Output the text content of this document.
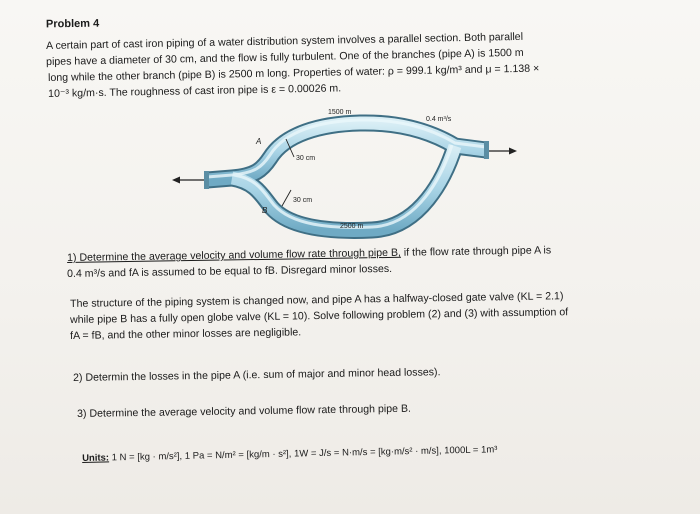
Problem 4
A certain part of cast iron piping of a water distribution system involves a parallel section. Both parallel
pipes have a diameter of 30 cm, and the flow is fully turbulent. One of the branches (pipe A) is 1500 m
long while the other branch (pipe B) is 2500 m long. Properties of water: ρ = 999.1 kg/m³ and μ = 1.138 ×
10⁻³ kg/m·s. The roughness of cast iron pipe is ε = 0.00026 m.
1500 m
0.4 m³/s
A
30 cm
B
30 cm
2500 m
1) Determine the average velocity and volume flow rate through pipe B, if the flow rate through pipe A is
0.4 m³/s and fA is assumed to be equal to fB. Disregard minor losses.
The structure of the piping system is changed now, and pipe A has a halfway-closed gate valve (KL = 2.1)
while pipe B has a fully open globe valve (KL = 10). Solve following problem (2) and (3) with assumption of
fA = fB, and the other minor losses are negligible.
2) Determin the losses in the pipe A (i.e. sum of major and minor head losses).
3) Determine the average velocity and volume flow rate through pipe B.
Units: 1 N = [kg · m/s²], 1 Pa = N/m² = [kg/m · s²], 1W = J/s = N·m/s = [kg·m/s² · m/s], 1000L = 1m³
